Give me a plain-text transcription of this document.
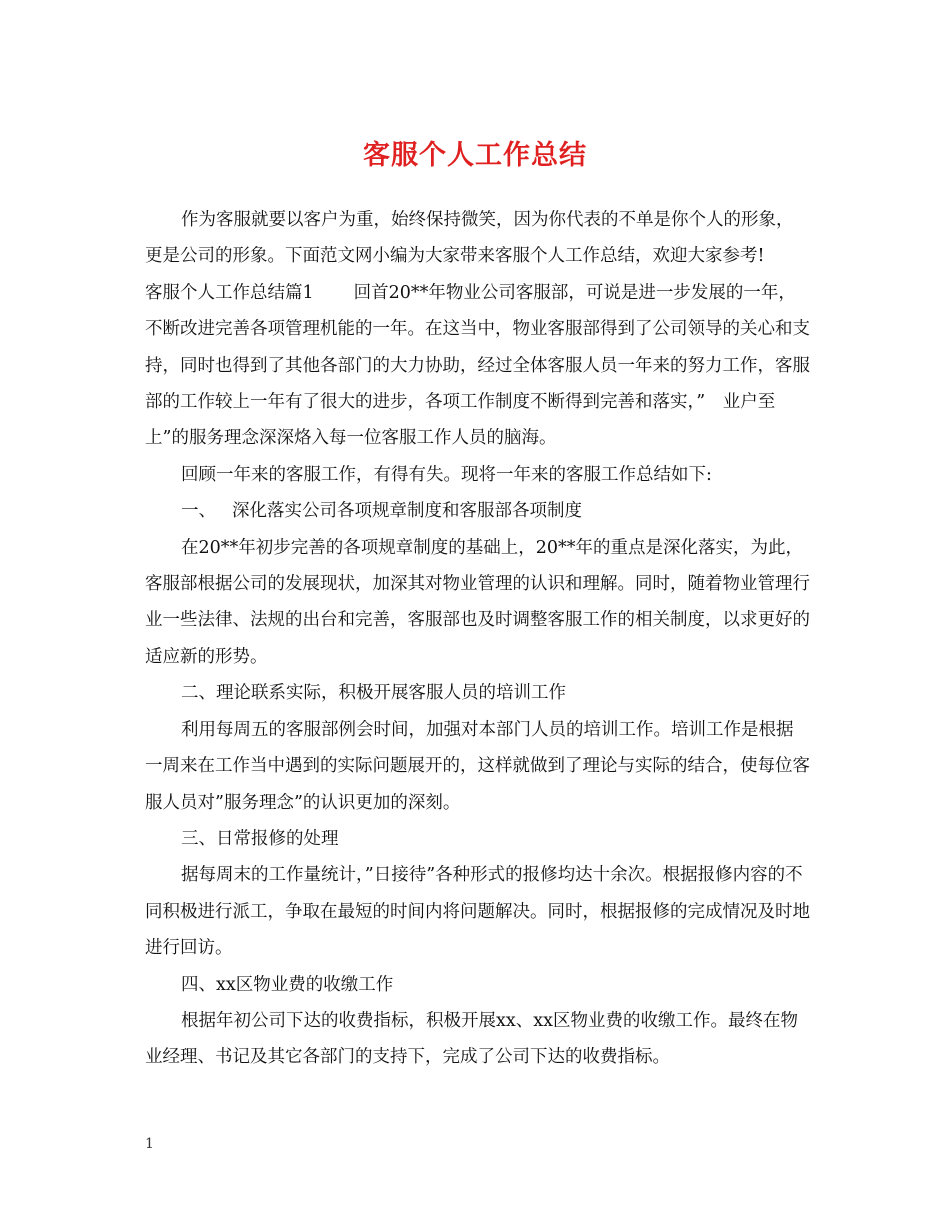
客服个人工作总结

作为客服就要以客户为重，始终保持微笑，因为你代表的不单是你个人的形象，更是公司的形象。下面范文网小编为大家带来客服个人工作总结，欢迎大家参考!

客服个人工作总结篇1 回首20**年物业公司客服部，可说是进一步发展的一年，不断改进完善各项管理机能的一年。在这当中，物业客服部得到了公司领导的关心和支持，同时也得到了其他各部门的大力协助，经过全体客服人员一年来的努力工作，客服部的工作较上一年有了很大的进步，各项工作制度不断得到完善和落实，”　业户至上”的服务理念深深烙入每一位客服工作人员的脑海。

回顾一年来的客服工作，有得有失。现将一年来的客服工作总结如下:

一、 深化落实公司各项规章制度和客服部各项制度

在20**年初步完善的各项规章制度的基础上，20**年的重点是深化落实，为此，客服部根据公司的发展现状，加深其对物业管理的认识和理解。同时，随着物业管理行业一些法律、法规的出台和完善，客服部也及时调整客服工作的相关制度，以求更好的适应新的形势。

二、理论联系实际，积极开展客服人员的培训工作

利用每周五的客服部例会时间，加强对本部门人员的培训工作。培训工作是根据一周来在工作当中遇到的实际问题展开的，这样就做到了理论与实际的结合，使每位客服人员对”服务理念”的认识更加的深刻。

三、日常报修的处理

据每周末的工作量统计，”日接待”各种形式的报修均达十余次。根据报修内容的不同积极进行派工，争取在最短的时间内将问题解决。同时，根据报修的完成情况及时地进行回访。

四、xx区物业费的收缴工作

根据年初公司下达的收费指标，积极开展xx、xx区物业费的收缴工作。最终在物业经理、书记及其它各部门的支持下，完成了公司下达的收费指标。

1
